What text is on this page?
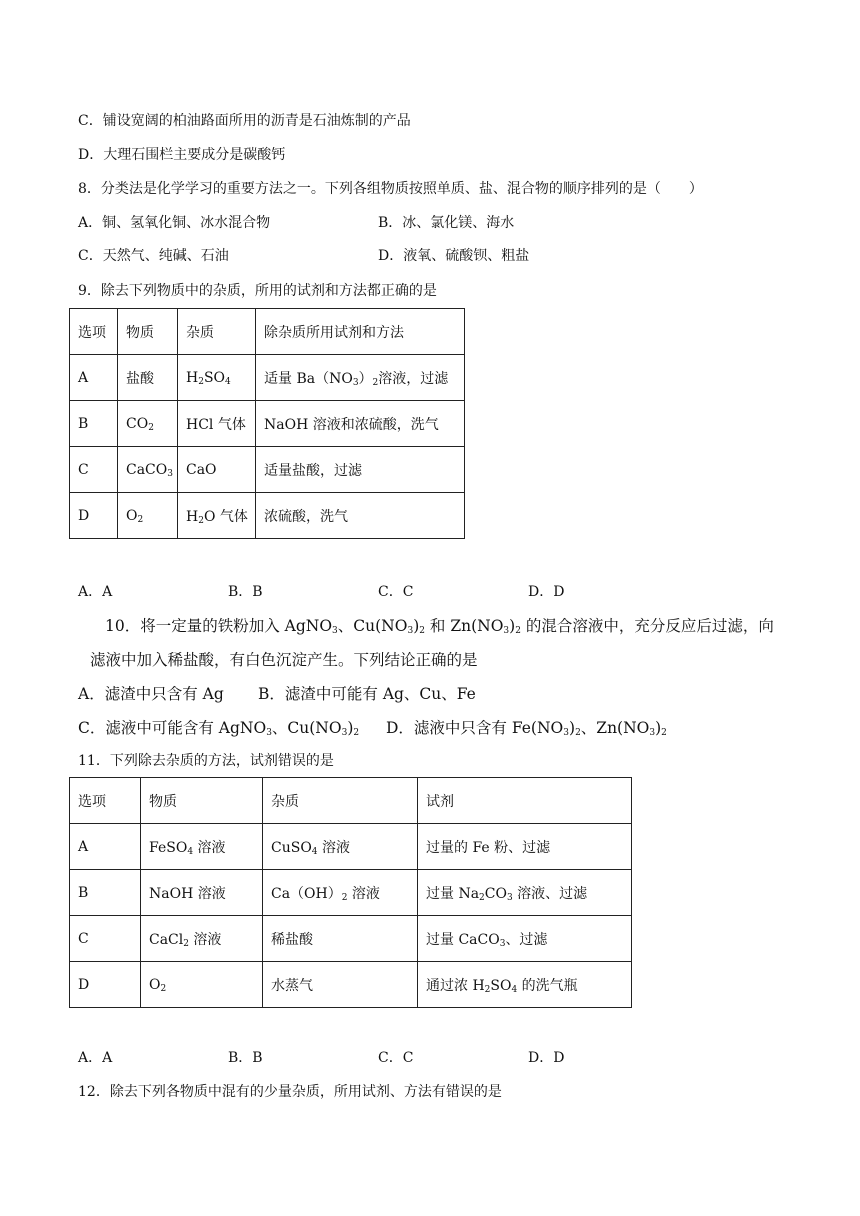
C．铺设宽阔的柏油路面所用的沥青是石油炼制的产品
D．大理石围栏主要成分是碳酸钙
8．分类法是化学学习的重要方法之一。下列各组物质按照单质、盐、混合物的顺序排列的是（　　）
A．铜、氢氧化铜、冰水混合物	B．冰、氯化镁、海水
C．天然气、纯碱、石油	D．液氧、硫酸钡、粗盐
9．除去下列物质中的杂质，所用的试剂和方法都正确的是
选项	物质	杂质	除杂质所用试剂和方法
A	盐酸	$H_2SO_4$	适量 $Ba(NO_3)_2$溶液，过滤
B	$CO_2$	HCl 气体	NaOH 溶液和浓硫酸，洗气
C	CaCO$_3$	CaO	适量盐酸，过滤
D	$O_2$	$H_2O$ 气体	浓硫酸，洗气
A．A	B．B	C．C	D．D
10．将一定量的铁粉加入 AgNO$_3$、$Cu(NO_3)_2$ 和 $Zn(NO_3)_2$ 的混合溶液中，充分反应后过滤，向
滤液中加入稀盐酸，有白色沉淀产生。下列结论正确的是
A．滤渣中只含有 Ag B．滤渣中可能有 Ag、Cu、Fe
C．滤液中可能含有 AgNO$_3$、$Cu(NO_3)_2$ D．滤液中只含有 $Fe(NO_3)_2$、$Zn(NO_3)_2$
11．下列除去杂质的方法，试剂错误的是
选项	物质	杂质	试剂
A	FeSO$_4$ 溶液	CuSO$_4$ 溶液	过量的 Fe 粉、过滤
B	NaOH 溶液	$Ca(OH)_2$ 溶液	过量 $Na_2CO_3$ 溶液、过滤
C	CaCl$_2$ 溶液	稀盐酸	过量 CaCO$_3$、过滤
D	$O_2$	水蒸气	通过浓 $H_2SO_4$ 的洗气瓶
A．A	B．B	C．C	D．D
12．除去下列各物质中混有的少量杂质，所用试剂、方法有错误的是
